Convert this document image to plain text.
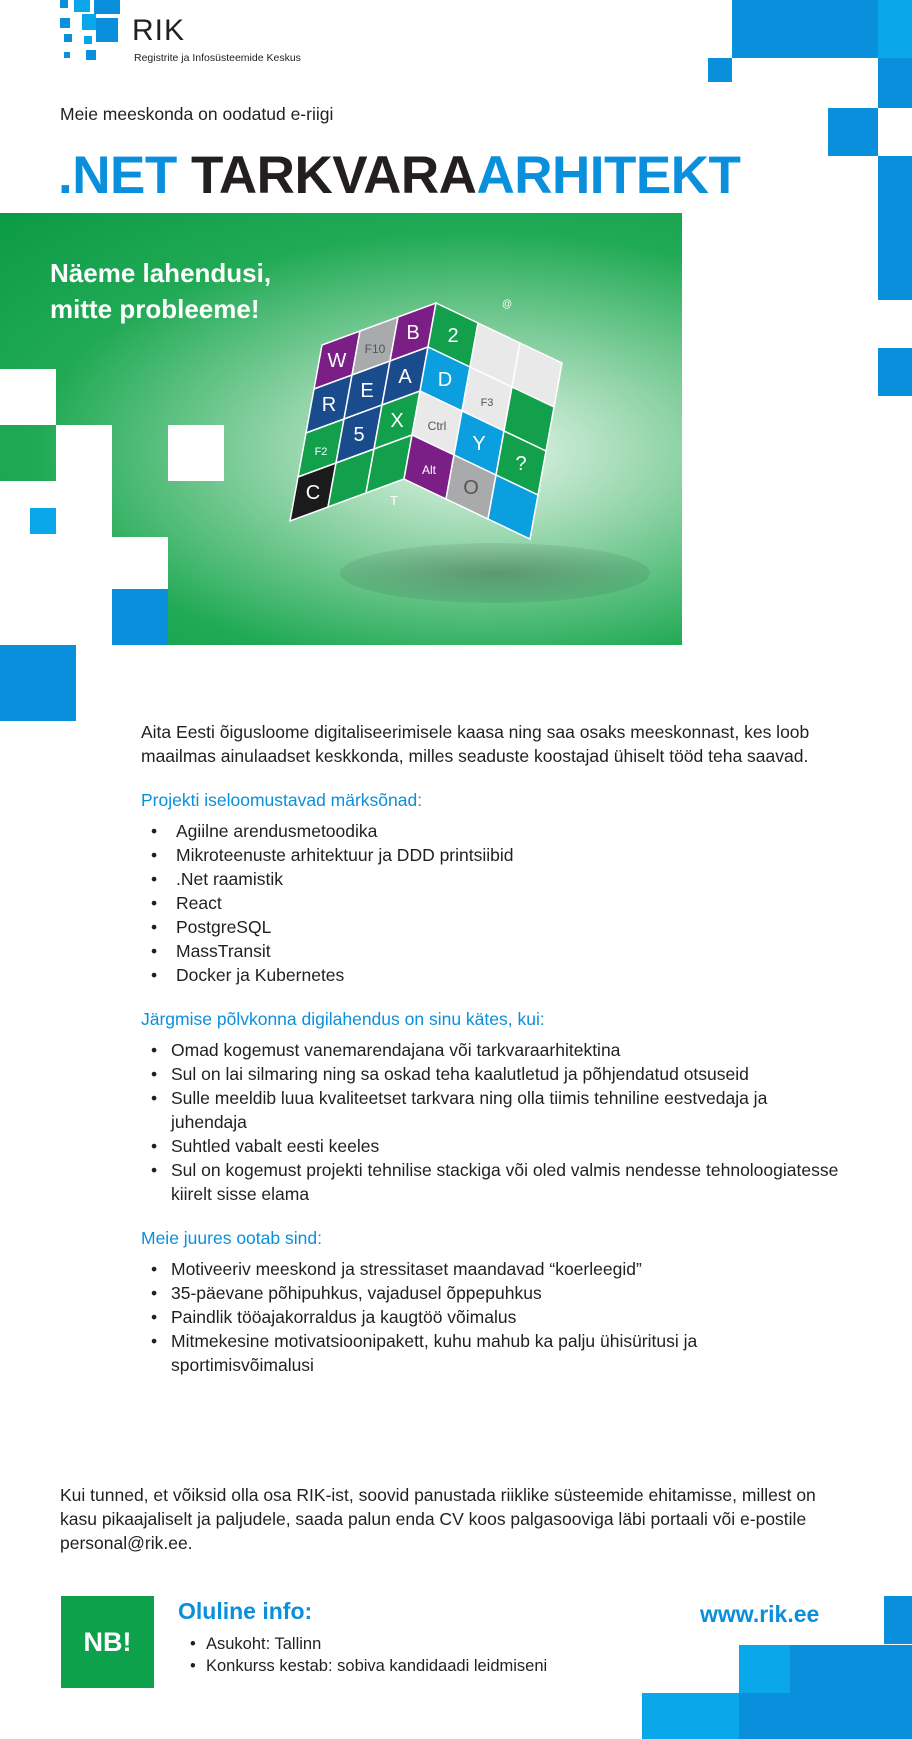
RIK
Registrite ja Infosüsteemide Keskus
Meie meeskonda on oodatud e-riigi
.NET TARKVARAARHITEKT
Näeme lahendusi,
mitte probleeme!
W
F10
B
R
E
A
F2
5
X
C
2
D
F3
Ctrl
Y
?
Alt
O
@
T

Aita Eesti õigusloome digitaliseerimisele kaasa ning saa osaks meeskonnast, kes loob maailmas ainulaadset keskkonda, milles seaduste koostajad ühiselt tööd teha saavad.

Projekti iseloomustavad märksõnad:
• Agiilne arendusmetoodika
• Mikroteenuste arhitektuur ja DDD printsiibid
• .Net raamistik
• React
• PostgreSQL
• MassTransit
• Docker ja Kubernetes
Järgmise põlvkonna digilahendus on sinu kätes, kui:
• Omad kogemust vanemarendajana või tarkvaraarhitektina
• Sul on lai silmaring ning sa oskad teha kaalutletud ja põhjendatud otsuseid
• Sulle meeldib luua kvaliteetset tarkvara ning olla tiimis tehniline eestvedaja ja juhendaja
• Suhtled vabalt eesti keeles
• Sul on kogemust projekti tehnilise stackiga või oled valmis nendesse tehnoloogiatesse kiirelt sisse elama
Meie juures ootab sind:
• Motiveeriv meeskond ja stressitaset maandavad “koerleegid”
• 35-päevane põhipuhkus, vajadusel õppepuhkus
• Paindlik tööajakorraldus ja kaugtöö võimalus
• Mitmekesine motivatsioonipakett, kuhu mahub ka palju ühisüritusi ja sportimisvõimalusi

Kui tunned, et võiksid olla osa RIK-ist, soovid panustada riiklike süsteemide ehitamisse, millest on kasu pikaajaliselt ja paljudele, saada palun enda CV koos palgasooviga läbi portaali või e-postile personal@rik.ee.

NB!
Oluline info:
• Asukoht: Tallinn
• Konkurss kestab: sobiva kandidaadi leidmiseni
www.rik.ee
